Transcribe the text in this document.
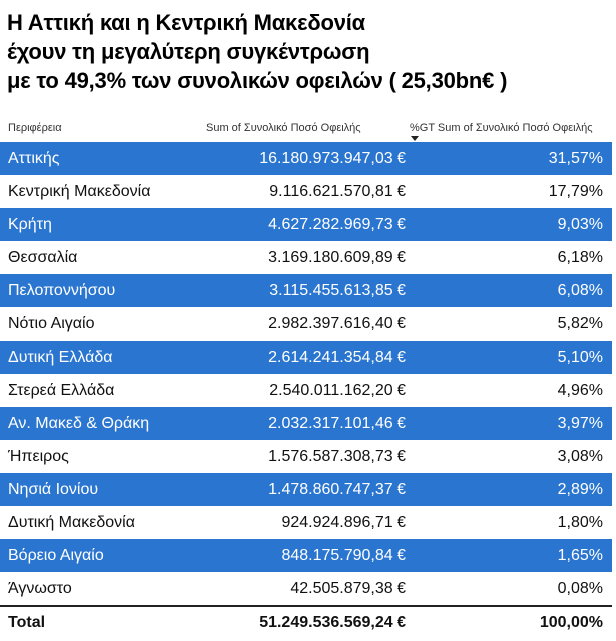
Η Αττική και η Κεντρική Μακεδονία
έχουν τη μεγαλύτερη συγκέντρωση
με το 49,3% των συνολικών οφειλών ( 25,30bn€ )
Περιφέρεια	Sum of Συνολικό Ποσό Οφειλής	%GT Sum of Συνολικό Ποσό Οφειλής
Αττικής	16.180.973.947,03 €	31,57%
Κεντρική Μακεδονία	9.116.621.570,81 €	17,79%
Κρήτη	4.627.282.969,73 €	9,03%
Θεσσαλία	3.169.180.609,89 €	6,18%
Πελοποννήσου	3.115.455.613,85 €	6,08%
Νότιο Αιγαίο	2.982.397.616,40 €	5,82%
Δυτική Ελλάδα	2.614.241.354,84 €	5,10%
Στερεά Ελλάδα	2.540.011.162,20 €	4,96%
Αν. Μακεδ & Θράκη	2.032.317.101,46 €	3,97%
Ήπειρος	1.576.587.308,73 €	3,08%
Νησιά Ιονίου	1.478.860.747,37 €	2,89%
Δυτική Μακεδονία	924.924.896,71 €	1,80%
Βόρειο Αιγαίο	848.175.790,84 €	1,65%
Άγνωστο	42.505.879,38 €	0,08%
Total	51.249.536.569,24 €	100,00%
